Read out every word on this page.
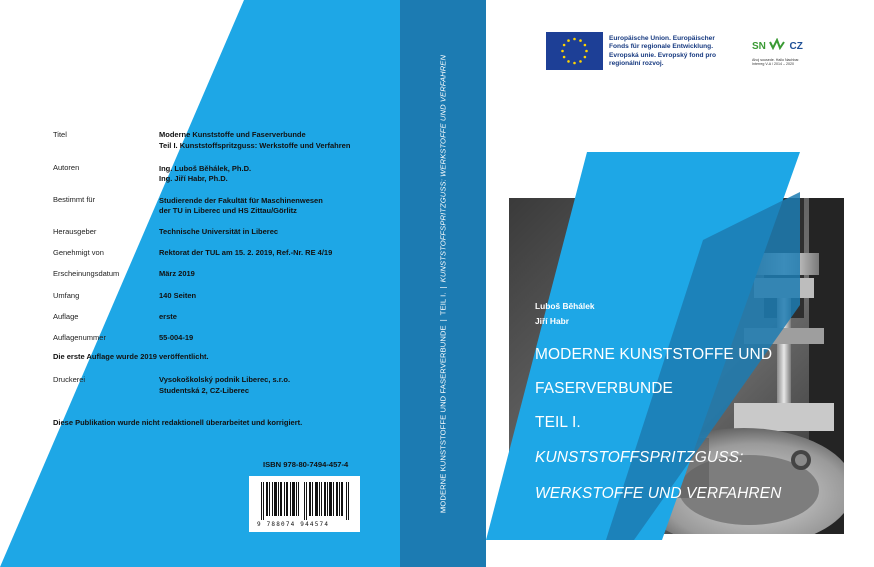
Titel	Moderne Kunststoffe und Faserverbunde
Teil I. Kunststoffspritzguss: Werkstoffe und Verfahren
Autoren	Ing. Luboš Běhálek, Ph.D.
Ing. Jiří Habr, Ph.D.
Bestimmt für	Studierende der Fakultät für Maschinenwesen
der TU in Liberec und HS Zittau/Görlitz
Herausgeber	Technische Universität in Liberec
Genehmigt von	Rektorat der TUL am 15. 2. 2019, Ref.-Nr. RE 4/19
Erscheinungsdatum	März 2019
Umfang	140 Seiten
Auflage	erste
Auflagenummer	55-004-19
Die erste Auflage wurde 2019 veröffentlicht.
Druckerei	Vysokoškolský podnik Liberec, s.r.o.
Studentská 2, CZ-Liberec
Diese Publikation wurde nicht redaktionell überarbeitet und korrigiert.
ISBN 978-80-7494-457-4
9 788074 944574
MODERNE KUNSTSTOFFE UND FASERVERBUNDE|TEIL I.|KUNSTSTOFFSPRITZGUSS: WERKSTOFFE UND VERFAHREN
Europäische Union. Europäischer
Fonds für regionale Entwicklung.
Evropská unie. Evropský fond pro
regionální rozvoj.
SN CZ
Ahoj sousede. Hallo Nachbar.
Interreg V-A / 2014 – 2020
Luboš Běhálek
Jiří Habr
MODERNE KUNSTSTOFFE UND
FASERVERBUNDE
TEIL I.
KUNSTSTOFFSPRITZGUSS:
WERKSTOFFE UND VERFAHREN
